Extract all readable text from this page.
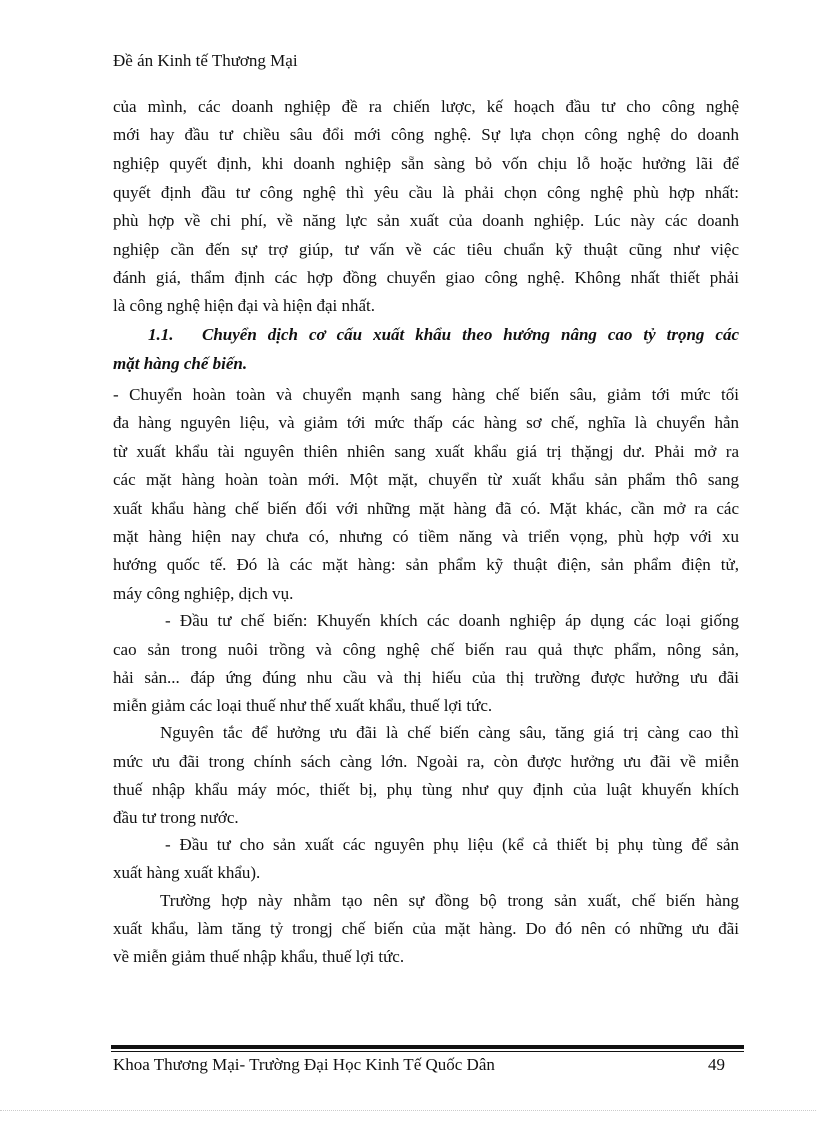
Đề án Kinh tế Thương Mại
của mình, các doanh nghiệp đề ra chiến lược, kế hoạch đầu tư cho công nghệ
mới hay đầu tư chiều sâu đổi mới công nghệ. Sự lựa chọn công nghệ do doanh
nghiệp quyết định, khi doanh nghiệp sẵn sàng bỏ vốn chịu lỗ hoặc hưởng lãi để
quyết định đầu tư công nghệ thì yêu cầu là phải chọn công nghệ phù hợp nhất:
phù hợp về chi phí, về năng lực sản xuất của doanh nghiệp. Lúc này các doanh
nghiệp cần đến sự trợ giúp, tư vấn về các tiêu chuẩn kỹ thuật cũng như việc
đánh giá, thẩm định các hợp đồng chuyển giao công nghệ. Không nhất thiết phải
là công nghệ hiện đại và hiện đại nhất.
1.1. Chuyển dịch cơ cấu xuất khẩu theo hướng nâng cao tỷ trọng các
mặt hàng chế biến.
- Chuyển hoàn toàn và chuyển mạnh sang hàng chế biến sâu, giảm tới mức tối
đa hàng nguyên liệu, và giảm tới mức thấp các hàng sơ chế, nghĩa là chuyển hẳn
từ xuất khẩu tài nguyên thiên nhiên sang xuất khẩu giá trị thặngj dư. Phải mở ra
các mặt hàng hoàn toàn mới. Một mặt, chuyển từ xuất khẩu sản phẩm thô sang
xuất khẩu hàng chế biến đối với những mặt hàng đã có. Mặt khác, cần mở ra các
mặt hàng hiện nay chưa có, nhưng có tiềm năng và triển vọng, phù hợp với xu
hướng quốc tế. Đó là các mặt hàng: sản phẩm kỹ thuật điện, sản phẩm điện tử,
máy công nghiệp, dịch vụ.
- Đầu tư chế biến: Khuyến khích các doanh nghiệp áp dụng các loại giống
cao sản trong nuôi trồng và công nghệ chế biến rau quả thực phẩm, nông sản,
hải sản... đáp ứng đúng nhu cầu và thị hiếu của thị trường được hưởng ưu đãi
miễn giảm các loại thuế như thế xuất khẩu, thuế lợi tức.
Nguyên tắc để hưởng ưu đãi là chế biến càng sâu, tăng giá trị càng cao thì
mức ưu đãi trong chính sách càng lớn. Ngoài ra, còn được hưởng ưu đãi về miễn
thuế nhập khẩu máy móc, thiết bị, phụ tùng như quy định của luật khuyến khích
đầu tư trong nước.
- Đầu tư cho sản xuất các nguyên phụ liệu (kể cả thiết bị phụ tùng để sản
xuất hàng xuất khẩu).
Trường hợp này nhằm tạo nên sự đồng bộ trong sản xuất, chế biến hàng
xuất khẩu, làm tăng tỷ trongj chế biến của mặt hàng. Do đó nên có những ưu đãi
về miễn giảm thuế nhập khẩu, thuế lợi tức.
Khoa Thương Mại- Trường Đại Học Kinh Tế Quốc Dân	49
